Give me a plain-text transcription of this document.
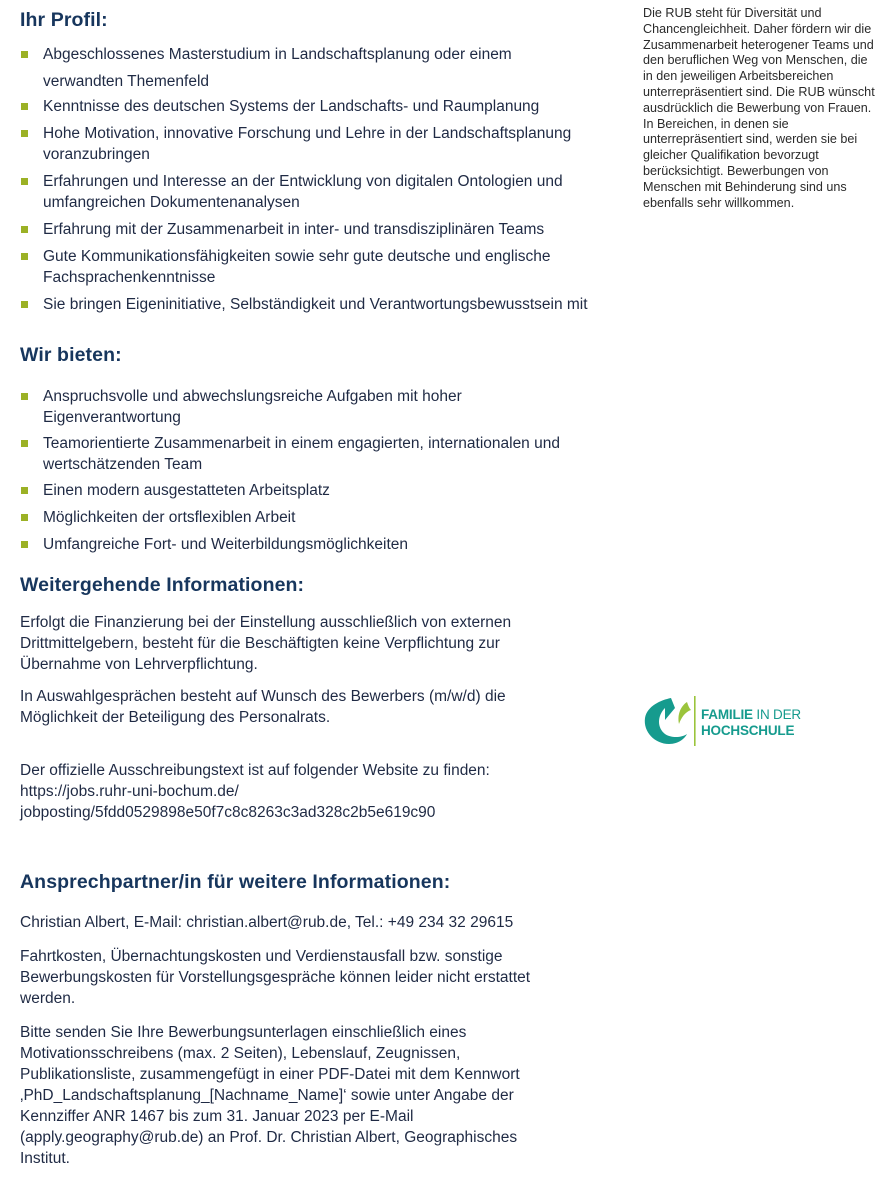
Ihr Profil:
Abgeschlossenes Masterstudium in Landschaftsplanung oder einem verwandten Themenfeld
Kenntnisse des deutschen Systems der Landschafts- und Raumplanung
Hohe Motivation, innovative Forschung und Lehre in der Landschaftsplanung voranzubringen
Erfahrungen und Interesse an der Entwicklung von digitalen Ontologien und umfangreichen Dokumentenanalysen
Erfahrung mit der Zusammenarbeit in inter- und transdisziplinären Teams
Gute Kommunikationsfähigkeiten sowie sehr gute deutsche und englische Fachsprachenkenntnisse
Sie bringen Eigeninitiative, Selbständigkeit und Verantwortungsbewusstsein mit
Wir bieten:
Anspruchsvolle und abwechslungsreiche Aufgaben mit hoher Eigenverantwortung
Teamorientierte Zusammenarbeit in einem engagierten, internationalen und wertschätzenden Team
Einen modern ausgestatteten Arbeitsplatz
Möglichkeiten der ortsflexiblen Arbeit
Umfangreiche Fort- und Weiterbildungsmöglichkeiten
Weitergehende Informationen:

Erfolgt die Finanzierung bei der Einstellung ausschließlich von externen Drittmittelgebern, besteht für die Beschäftigten keine Verpflichtung zur Übernahme von Lehrverpflichtung.

In Auswahlgesprächen besteht auf Wunsch des Bewerbers (m/w/d) die Möglichkeit der Beteiligung des Personalrats.

Der offizielle Ausschreibungstext ist auf folgender Website zu finden:
https://jobs.ruhr-uni-bochum.de/
jobposting/5fdd0529898e50f7c8c8263c3ad328c2b5e619c90

Ansprechpartner/in für weitere Informationen:

Christian Albert, E-Mail: christian.albert@rub.de, Tel.: +49 234 32 29615

Fahrtkosten, Übernachtungskosten und Verdienstausfall bzw. sonstige Bewerbungskosten für Vorstellungsgespräche können leider nicht erstattet werden.

Bitte senden Sie Ihre Bewerbungsunterlagen einschließlich eines Motivationsschreibens (max. 2 Seiten), Lebenslauf, Zeugnissen, Publikationsliste, zusammengefügt in einer PDF-Datei mit dem Kennwort ‚PhD_Landschaftsplanung_[Nachname_Name]‘ sowie unter Angabe der Kennziffer ANR 1467 bis zum 31. Januar 2023 per E-Mail (apply.geography@rub.de) an Prof. Dr. Christian Albert, Geographisches Institut.

Die RUB steht für Diversität und Chancengleichheit. Daher fördern wir die Zusammenarbeit heterogener Teams und den beruflichen Weg von Menschen, die in den jeweiligen Arbeitsbereichen unterrepräsentiert sind. Die RUB wünscht ausdrücklich die Bewerbung von Frauen. In Bereichen, in denen sie unterrepräsentiert sind, werden sie bei gleicher Qualifikation bevorzugt berücksichtigt. Bewerbungen von Menschen mit Behinderung sind uns ebenfalls sehr willkommen.

FAMILIE IN DER
HOCHSCHULE
